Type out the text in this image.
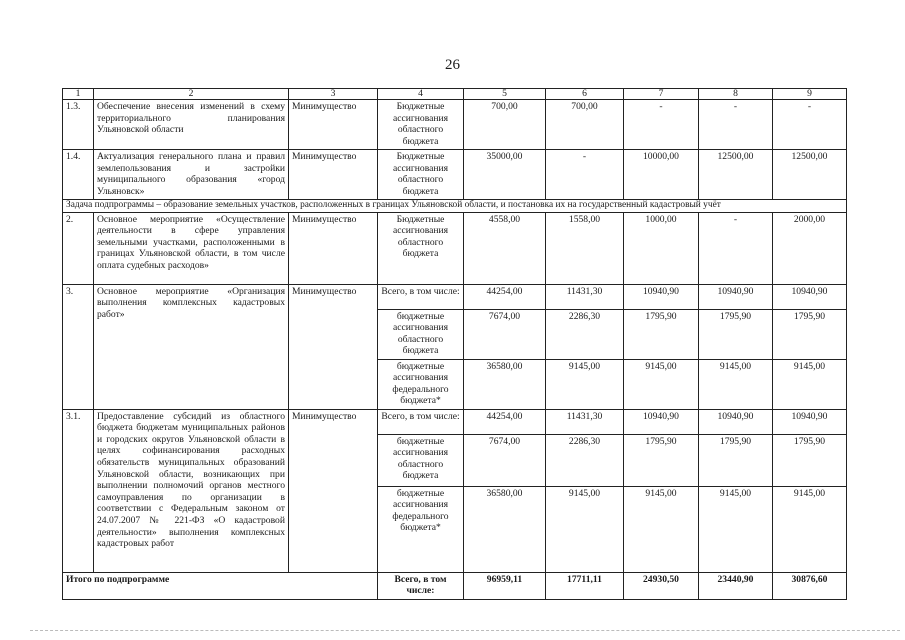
26
1	2	3	4	5	6	7	8	9
1.3.	Обеспечение внесения изменений в схему территориального планирования Ульяновской области	Минимущество	Бюджетные ассигнования областного бюджета	700,00	700,00	-	-	-
1.4.	Актуализация генерального плана и правил землепользования и застройки муниципального образования «город Ульяновск»	Минимущество	Бюджетные ассигнования областного бюджета	35000,00	-	10000,00	12500,00	12500,00
Задача подпрограммы – образование земельных участков, расположенных в границах Ульяновской области, и постановка их на государственный кадастровый учёт								
2.	Основное мероприятие «Осуществление деятельности в сфере управления земельными участками, расположенными в границах Ульяновской области, в том числе оплата судебных расходов»	Минимущество	Бюджетные ассигнования областного бюджета	4558,00	1558,00	1000,00	-	2000,00
3.	Основное мероприятие «Организация выполнения комплексных кадастровых работ»	Минимущество	Всего, в том числе:	44254,00	11431,30	10940,90	10940,90	10940,90
			бюджетные ассигнования областного бюджета	7674,00	2286,30	1795,90	1795,90	1795,90
			бюджетные ассигнования федерального бюджета*	36580,00	9145,00	9145,00	9145,00	9145,00
3.1.	Предоставление субсидий из областного бюджета бюджетам муниципальных районов и городских округов Ульяновской области в целях софинансирования расходных обязательств муниципальных образований Ульяновской области, возникающих при выполнении полномочий органов местного самоуправления по организации в соответствии с Федеральным законом от 24.07.2007 № 221-ФЗ «О кадастровой деятельности» выполнения комплексных кадастровых работ	Минимущество	Всего, в том числе:	44254,00	11431,30	10940,90	10940,90	10940,90
			бюджетные ассигнования областного бюджета	7674,00	2286,30	1795,90	1795,90	1795,90
			бюджетные ассигнования федерального бюджета*	36580,00	9145,00	9145,00	9145,00	9145,00
Итого по подпрограмме			Всего, в том числе:	96959,11	17711,11	24930,50	23440,90	30876,60
